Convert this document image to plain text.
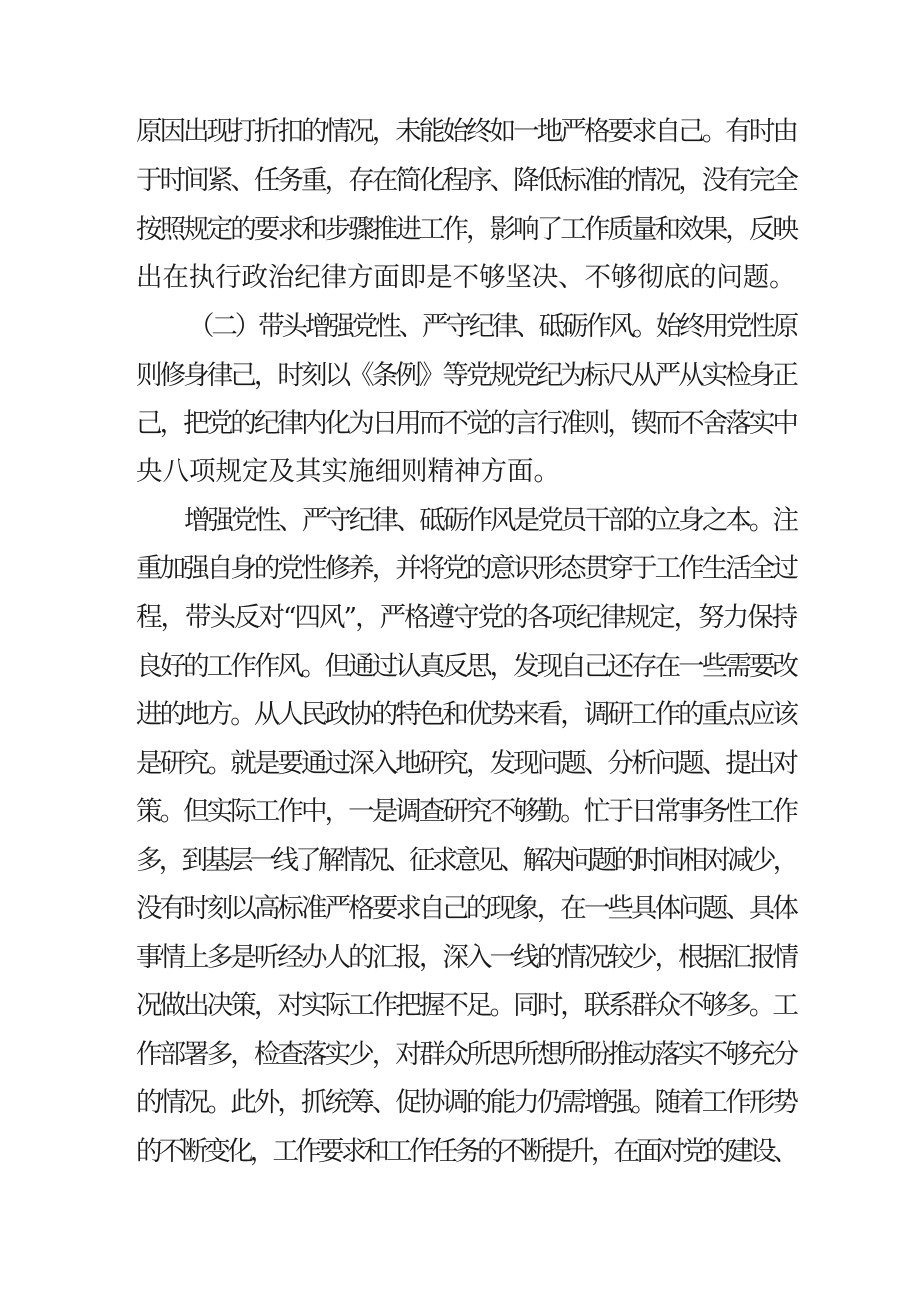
原因出现打折扣的情况，未能始终如一地严格要求自己。有时由
于时间紧、任务重，存在简化程序、降低标准的情况，没有完全
按照规定的要求和步骤推进工作，影响了工作质量和效果，反映
出在执行政治纪律方面即是不够坚决、不够彻底的问题。
（二）带头增强党性、严守纪律、砥砺作风。始终用党性原
则修身律己，时刻以《条例》等党规党纪为标尺从严从实检身正
己，把党的纪律内化为日用而不觉的言行准则，锲而不舍落实中
央八项规定及其实施细则精神方面。
增强党性、严守纪律、砥砺作风是党员干部的立身之本。注
重加强自身的党性修养，并将党的意识形态贯穿于工作生活全过
程，带头反对“四风”，严格遵守党的各项纪律规定，努力保持
良好的工作作风。但通过认真反思，发现自己还存在一些需要改
进的地方。从人民政协的特色和优势来看，调研工作的重点应该
是研究。就是要通过深入地研究，发现问题、分析问题、提出对
策。但实际工作中，一是调查研究不够勤。忙于日常事务性工作
多，到基层一线了解情况、征求意见、解决问题的时间相对减少，
没有时刻以高标准严格要求自己的现象，在一些具体问题、具体
事情上多是听经办人的汇报，深入一线的情况较少，根据汇报情
况做出决策，对实际工作把握不足。同时，联系群众不够多。工
作部署多，检查落实少，对群众所思所想所盼推动落实不够充分
的情况。此外，抓统筹、促协调的能力仍需增强。随着工作形势
的不断变化，工作要求和工作任务的不断提升，在面对党的建设、
